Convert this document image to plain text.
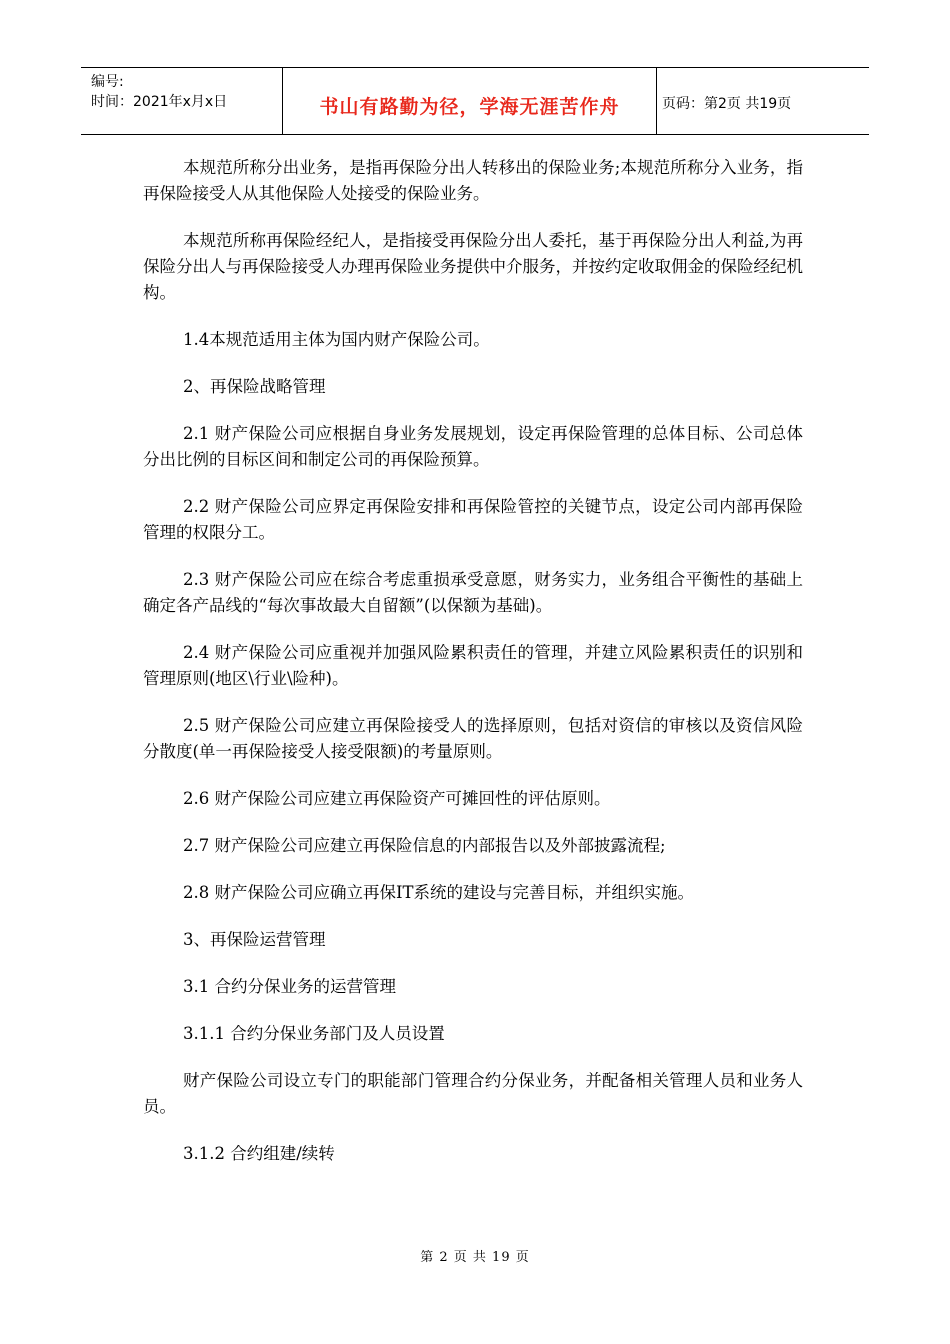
编号:
时间：2021年x月x日	书山有路勤为径，学海无涯苦作舟	页码：第2页 共19页

本规范所称分出业务，是指再保险分出人转移出的保险业务;本规范所称分入业务，指再保险接受人从其他保险人处接受的保险业务。

本规范所称再保险经纪人，是指接受再保险分出人委托，基于再保险分出人利益,为再保险分出人与再保险接受人办理再保险业务提供中介服务，并按约定收取佣金的保险经纪机构。

1.4本规范适用主体为国内财产保险公司。

2、再保险战略管理

2.1 财产保险公司应根据自身业务发展规划，设定再保险管理的总体目标、公司总体分出比例的目标区间和制定公司的再保险预算。

2.2 财产保险公司应界定再保险安排和再保险管控的关键节点，设定公司内部再保险管理的权限分工。

2.3 财产保险公司应在综合考虑重损承受意愿，财务实力，业务组合平衡性的基础上确定各产品线的“每次事故最大自留额”(以保额为基础)。

2.4 财产保险公司应重视并加强风险累积责任的管理，并建立风险累积责任的识别和管理原则(地区\行业\险种)。

2.5 财产保险公司应建立再保险接受人的选择原则，包括对资信的审核以及资信风险分散度(单一再保险接受人接受限额)的考量原则。

2.6 财产保险公司应建立再保险资产可摊回性的评估原则。

2.7 财产保险公司应建立再保险信息的内部报告以及外部披露流程;

2.8 财产保险公司应确立再保IT系统的建设与完善目标，并组织实施。

3、再保险运营管理

3.1 合约分保业务的运营管理

3.1.1 合约分保业务部门及人员设置

财产保险公司设立专门的职能部门管理合约分保业务，并配备相关管理人员和业务人员。

3.1.2 合约组建/续转

第 2 页 共 19 页
